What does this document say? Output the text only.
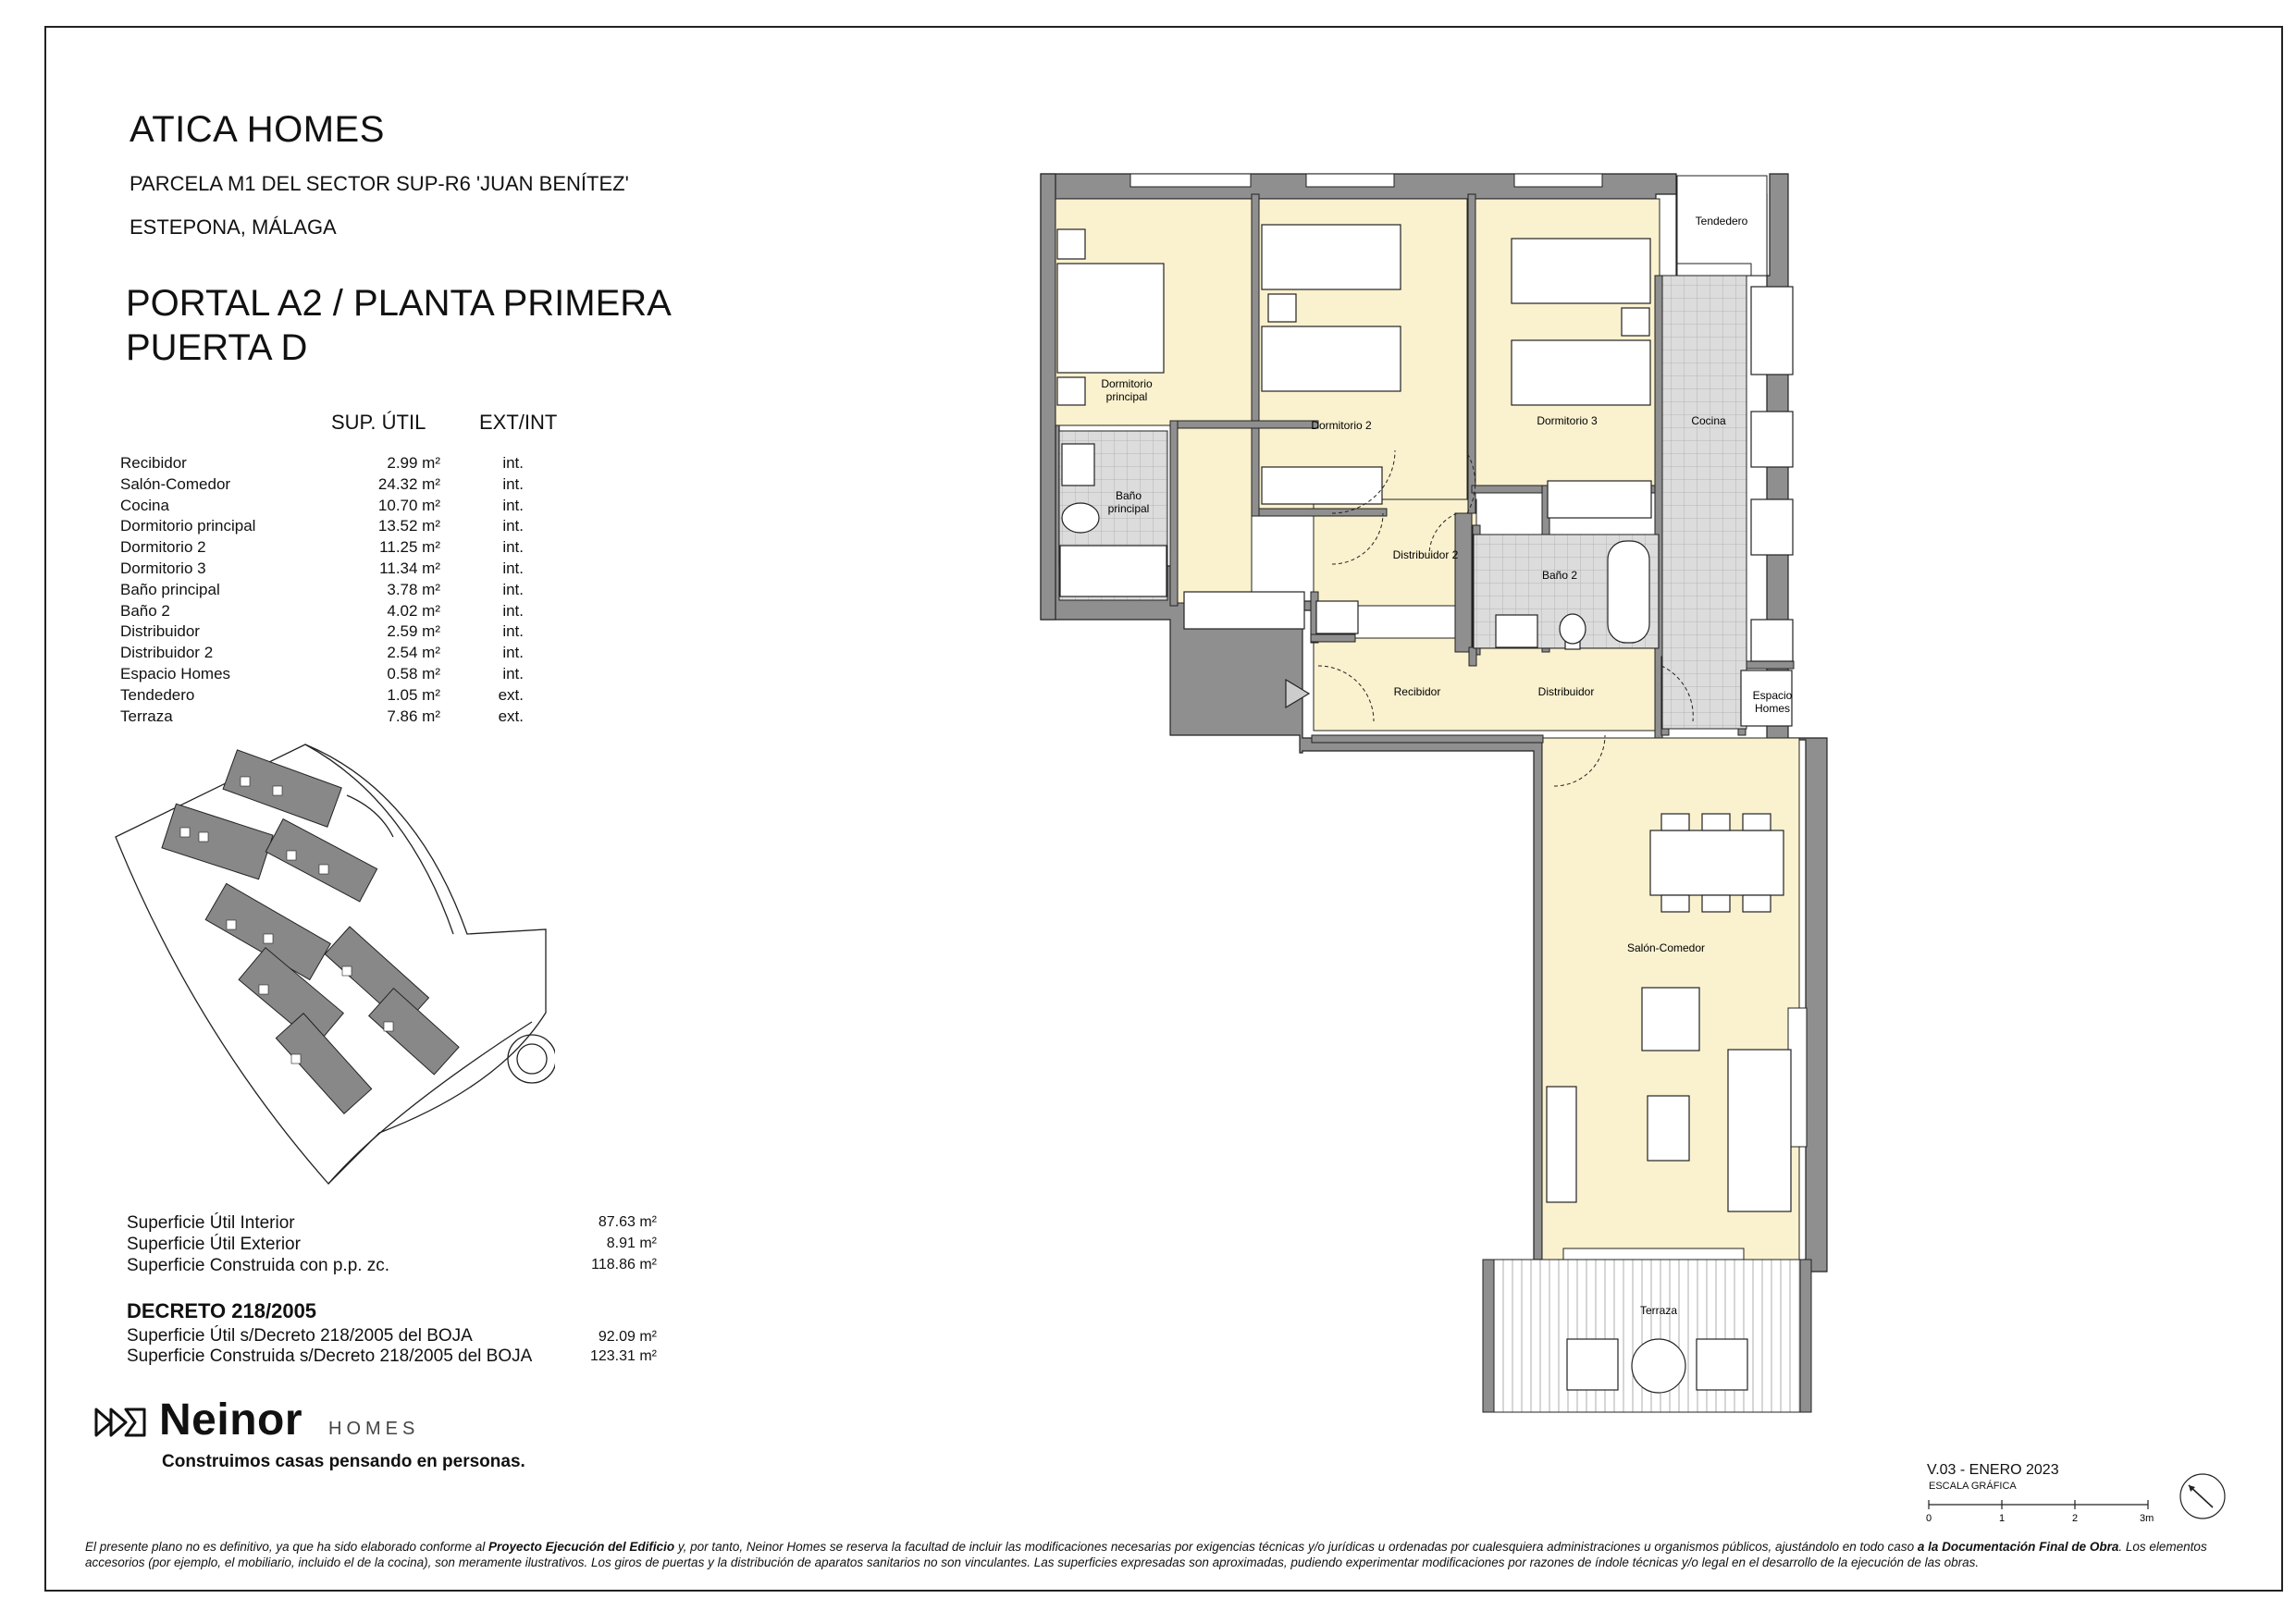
ATICA HOMES
PARCELA M1 DEL SECTOR SUP-R6 'JUAN BENÍTEZ'
ESTEPONA, MÁLAGA
PORTAL A2 / PLANTA PRIMERA
PUERTA D
SUP. ÚTIL	EXT/INT
Recibidor	2.99 m²	int.
Salón-Comedor	24.32 m²	int.
Cocina	10.70 m²	int.
Dormitorio principal	13.52 m²	int.
Dormitorio 2	11.25 m²	int.
Dormitorio 3	11.34 m²	int.
Baño principal	3.78 m²	int.
Baño 2	4.02 m²	int.
Distribuidor	2.59 m²	int.
Distribuidor 2	2.54 m²	int.
Espacio Homes	0.58 m²	int.
Tendedero	1.05 m²	ext.
Terraza	7.86 m²	ext.
Superficie Útil Interior	87.63 m²
Superficie Útil Exterior	8.91 m²
Superficie Construida con p.p. zc.	118.86 m²
DECRETO 218/2005
Superficie Útil s/Decreto 218/2005 del BOJA	92.09 m²
Superficie Construida s/Decreto 218/2005 del BOJA	123.31 m²
Neinor HOMES
Construimos casas pensando en personas.
Tendedero
Dormitorio
principal
Dormitorio 2	Dormitorio 3	Cocina
Baño
principal
Distribuidor 2
Baño 2
Recibidor	Distribuidor	Espacio
Homes
Salón-Comedor
Terraza
0	1	2	3m
V.03 - ENERO 2023
ESCALA GRÁFICA
El presente plano no es definitivo, ya que ha sido elaborado conforme al Proyecto Ejecución del Edificio y, por tanto, Neinor Homes se reserva la facultad de incluir las modificaciones necesarias por exigencias técnicas y/o jurídicas u ordenadas por cualesquiera administraciones u organismos públicos, ajustándolo en todo caso a la Documentación Final de Obra. Los elementos accesorios (por ejemplo, el mobiliario, incluido el de la cocina), son meramente ilustrativos. Los giros de puertas y la distribución de aparatos sanitarios no son vinculantes. Las superficies expresadas son aproximadas, pudiendo experimentar modificaciones por razones de índole técnicas y/o legal en el desarrollo de la ejecución de las obras.
